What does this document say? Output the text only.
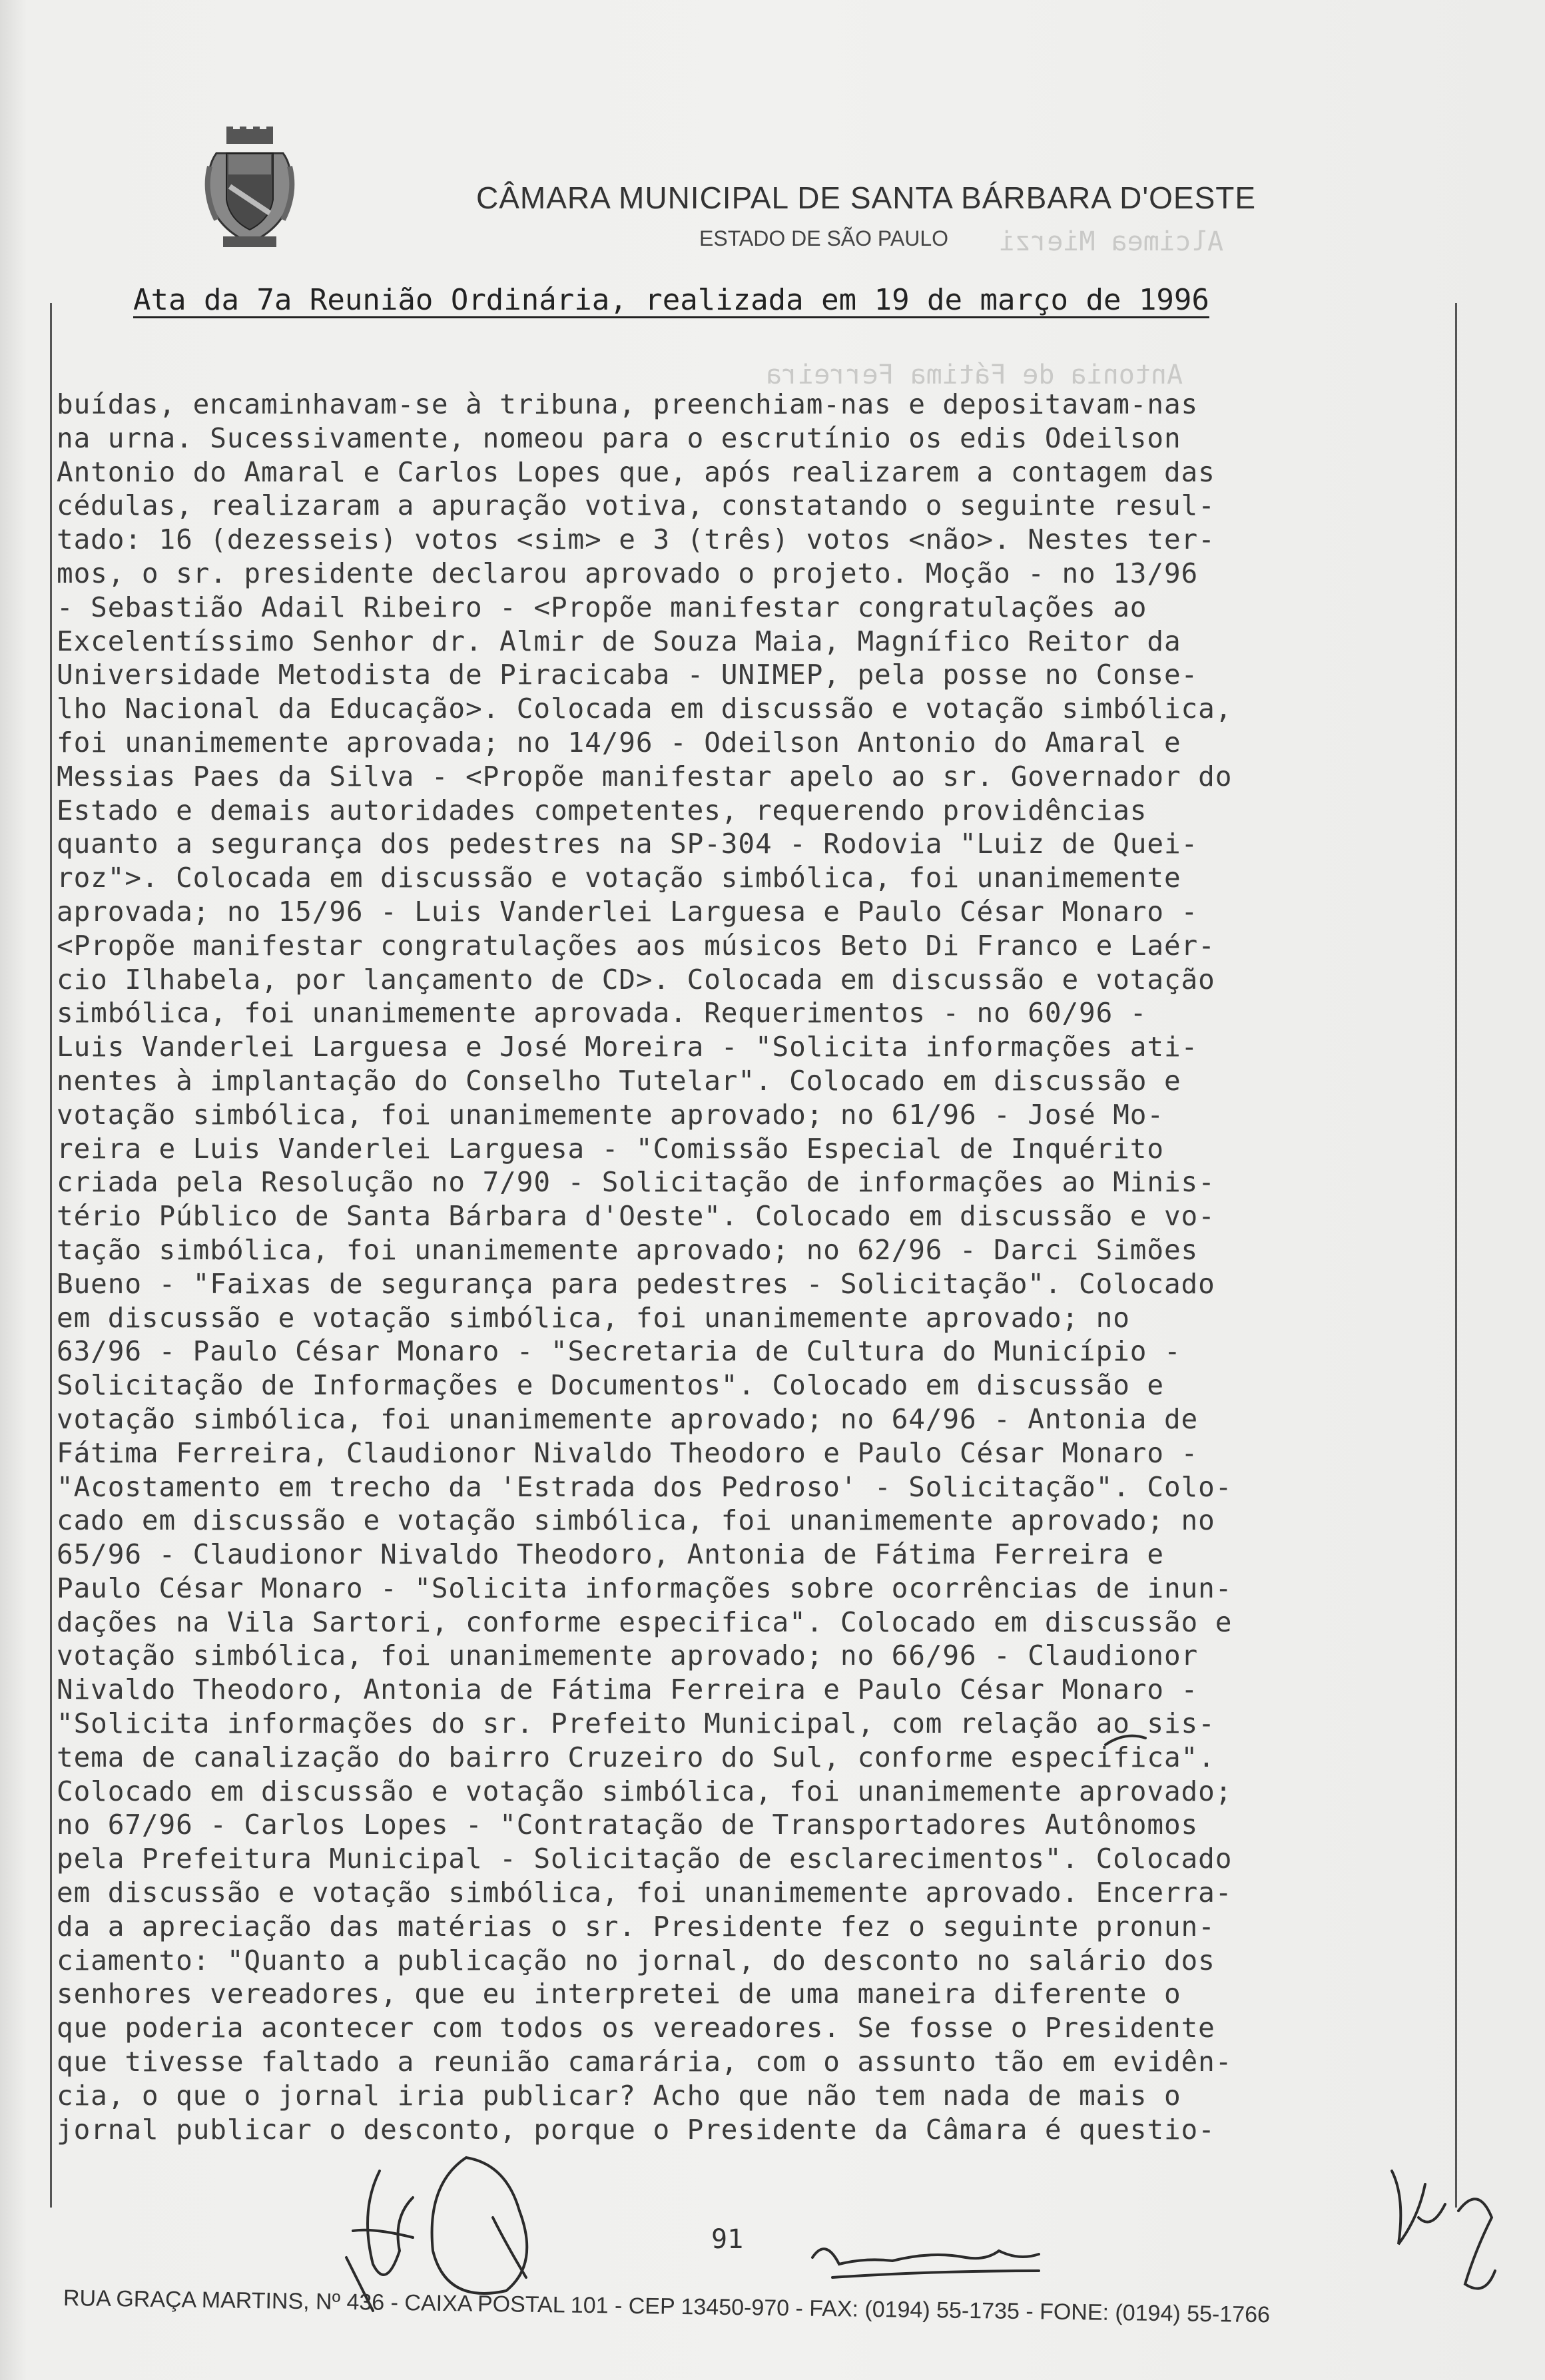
CÂMARA MUNICIPAL DE SANTA BÁRBARA D'OESTE
ESTADO DE SÃO PAULO Alcimea Mierzi
Antonia de Fátima Ferreira
Ata da 7a Reunião Ordinária, realizada em 19 de março de 1996
buídas, encaminhavam-se à tribuna, preenchiam-nas e depositavam-nas
na urna. Sucessivamente, nomeou para o escrutínio os edis Odeilson
Antonio do Amaral e Carlos Lopes que, após realizarem a contagem das
cédulas, realizaram a apuração votiva, constatando o seguinte resul-
tado: 16 (dezesseis) votos <sim> e 3 (três) votos <não>. Nestes ter-
mos, o sr. presidente declarou aprovado o projeto. Moção - no 13/96
- Sebastião Adail Ribeiro - <Propõe manifestar congratulações ao
Excelentíssimo Senhor dr. Almir de Souza Maia, Magnífico Reitor da
Universidade Metodista de Piracicaba - UNIMEP, pela posse no Conse-
lho Nacional da Educação>. Colocada em discussão e votação simbólica,
foi unanimemente aprovada; no 14/96 - Odeilson Antonio do Amaral e
Messias Paes da Silva - <Propõe manifestar apelo ao sr. Governador do
Estado e demais autoridades competentes, requerendo providências
quanto a segurança dos pedestres na SP-304 - Rodovia "Luiz de Quei-
roz">. Colocada em discussão e votação simbólica, foi unanimemente
aprovada; no 15/96 - Luis Vanderlei Larguesa e Paulo César Monaro -
<Propõe manifestar congratulações aos músicos Beto Di Franco e Laér-
cio Ilhabela, por lançamento de CD>. Colocada em discussão e votação
simbólica, foi unanimemente aprovada. Requerimentos - no 60/96 -
Luis Vanderlei Larguesa e José Moreira - "Solicita informações ati-
nentes à implantação do Conselho Tutelar". Colocado em discussão e
votação simbólica, foi unanimemente aprovado; no 61/96 - José Mo-
reira e Luis Vanderlei Larguesa - "Comissão Especial de Inquérito
criada pela Resolução no 7/90 - Solicitação de informações ao Minis-
tério Público de Santa Bárbara d'Oeste". Colocado em discussão e vo-
tação simbólica, foi unanimemente aprovado; no 62/96 - Darci Simões
Bueno - "Faixas de segurança para pedestres - Solicitação". Colocado
em discussão e votação simbólica, foi unanimemente aprovado; no
63/96 - Paulo César Monaro - "Secretaria de Cultura do Município -
Solicitação de Informações e Documentos". Colocado em discussão e
votação simbólica, foi unanimemente aprovado; no 64/96 - Antonia de
Fátima Ferreira, Claudionor Nivaldo Theodoro e Paulo César Monaro -
"Acostamento em trecho da 'Estrada dos Pedroso' - Solicitação". Colo-
cado em discussão e votação simbólica, foi unanimemente aprovado; no
65/96 - Claudionor Nivaldo Theodoro, Antonia de Fátima Ferreira e
Paulo César Monaro - "Solicita informações sobre ocorrências de inun-
dações na Vila Sartori, conforme especifica". Colocado em discussão e
votação simbólica, foi unanimemente aprovado; no 66/96 - Claudionor
Nivaldo Theodoro, Antonia de Fátima Ferreira e Paulo César Monaro -
"Solicita informações do sr. Prefeito Municipal, com relação ao sis-
tema de canalização do bairro Cruzeiro do Sul, conforme especifica".
Colocado em discussão e votação simbólica, foi unanimemente aprovado;
no 67/96 - Carlos Lopes - "Contratação de Transportadores Autônomos
pela Prefeitura Municipal - Solicitação de esclarecimentos". Colocado
em discussão e votação simbólica, foi unanimemente aprovado. Encerra-
da a apreciação das matérias o sr. Presidente fez o seguinte pronun-
ciamento: "Quanto a publicação no jornal, do desconto no salário dos
senhores vereadores, que eu interpretei de uma maneira diferente o
que poderia acontecer com todos os vereadores. Se fosse o Presidente
que tivesse faltado a reunião camarária, com o assunto tão em evidên-
cia, o que o jornal iria publicar? Acho que não tem nada de mais o
jornal publicar o desconto, porque o Presidente da Câmara é questio-
91
RUA GRAÇA MARTINS, Nº 436 - CAIXA POSTAL 101 - CEP 13450-970 - FAX: (0194) 55-1735 - FONE: (0194) 55-1766
